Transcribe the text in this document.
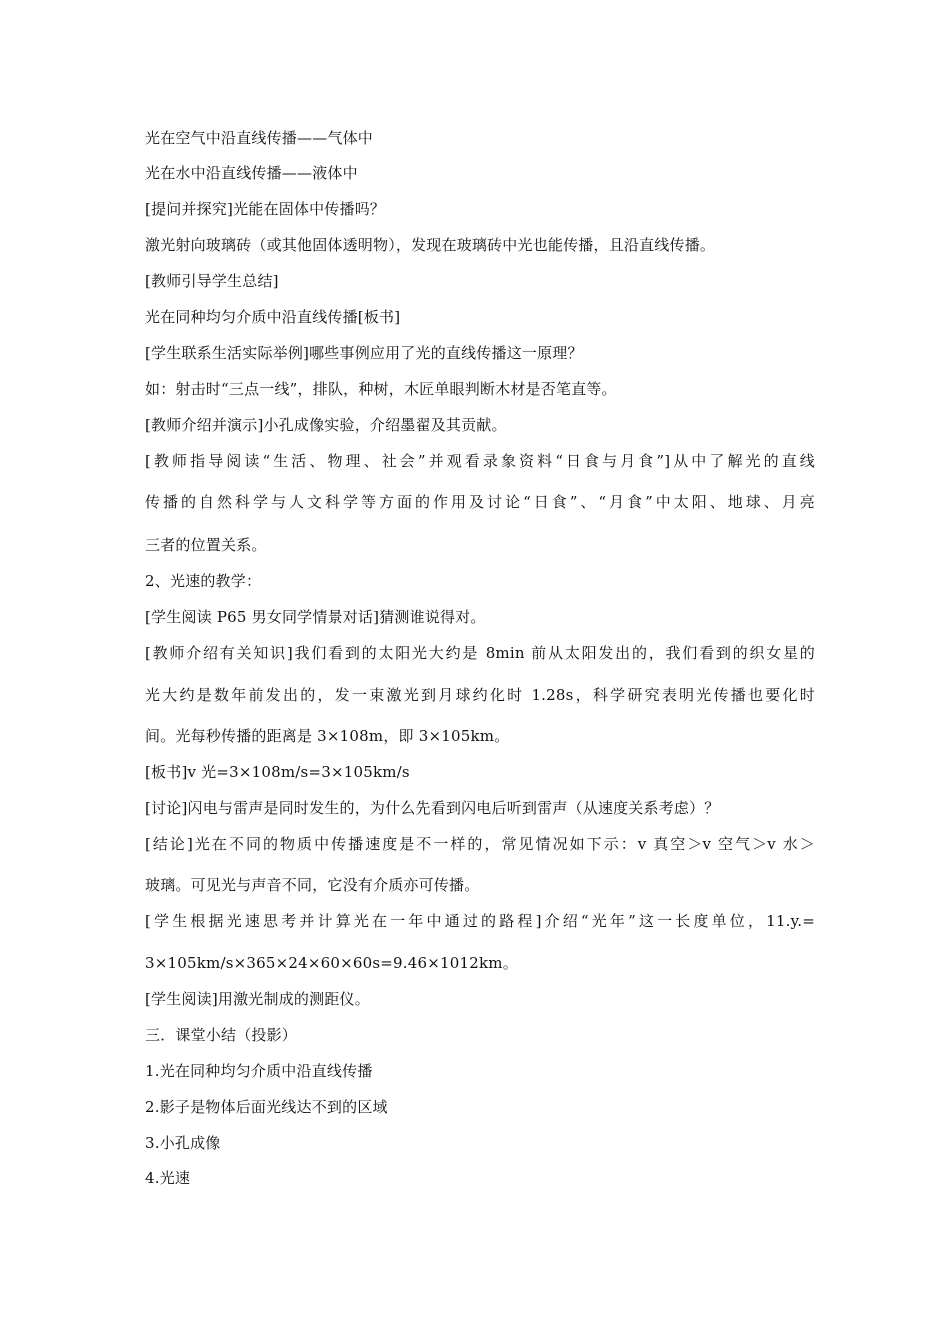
光在空气中沿直线传播——气体中
光在水中沿直线传播——液体中
[提问并探究]光能在固体中传播吗？
激光射向玻璃砖（或其他固体透明物），发现在玻璃砖中光也能传播，且沿直线传播。
[教师引导学生总结]
光在同种均匀介质中沿直线传播[板书]
[学生联系生活实际举例]哪些事例应用了光的直线传播这一原理？
如：射击时“三点一线”，排队，种树，木匠单眼判断木材是否笔直等。
[教师介绍并演示]小孔成像实验，介绍墨翟及其贡献。
[教师指导阅读“生活、物理、社会”并观看录象资料“日食与月食”]从中了解光的直线
传播的自然科学与人文科学等方面的作用及讨论“日食”、“月食”中太阳、地球、月亮
三者的位置关系。
2、光速的教学：
[学生阅读 P65 男女同学情景对话]猜测谁说得对。
[教师介绍有关知识]我们看到的太阳光大约是 8min 前从太阳发出的，我们看到的织女星的
光大约是数年前发出的，发一束激光到月球约化时 1.28s，科学研究表明光传播也要化时
间。光每秒传播的距离是 3×108m，即 3×105km。
[板书]v 光=3×108m/s=3×105km/s
[讨论]闪电与雷声是同时发生的，为什么先看到闪电后听到雷声（从速度关系考虑）？
[结论]光在不同的物质中传播速度是不一样的，常见情况如下示：v 真空＞v 空气＞v 水＞
玻璃。可见光与声音不同，它没有介质亦可传播。
[学生根据光速思考并计算光在一年中通过的路程]介绍“光年”这一长度单位，11.y.=
3×105km/s×365×24×60×60s=9.46×1012km。
[学生阅读]用激光制成的测距仪。
三．课堂小结（投影）
1.光在同种均匀介质中沿直线传播
2.影子是物体后面光线达不到的区域
3.小孔成像
4.光速
